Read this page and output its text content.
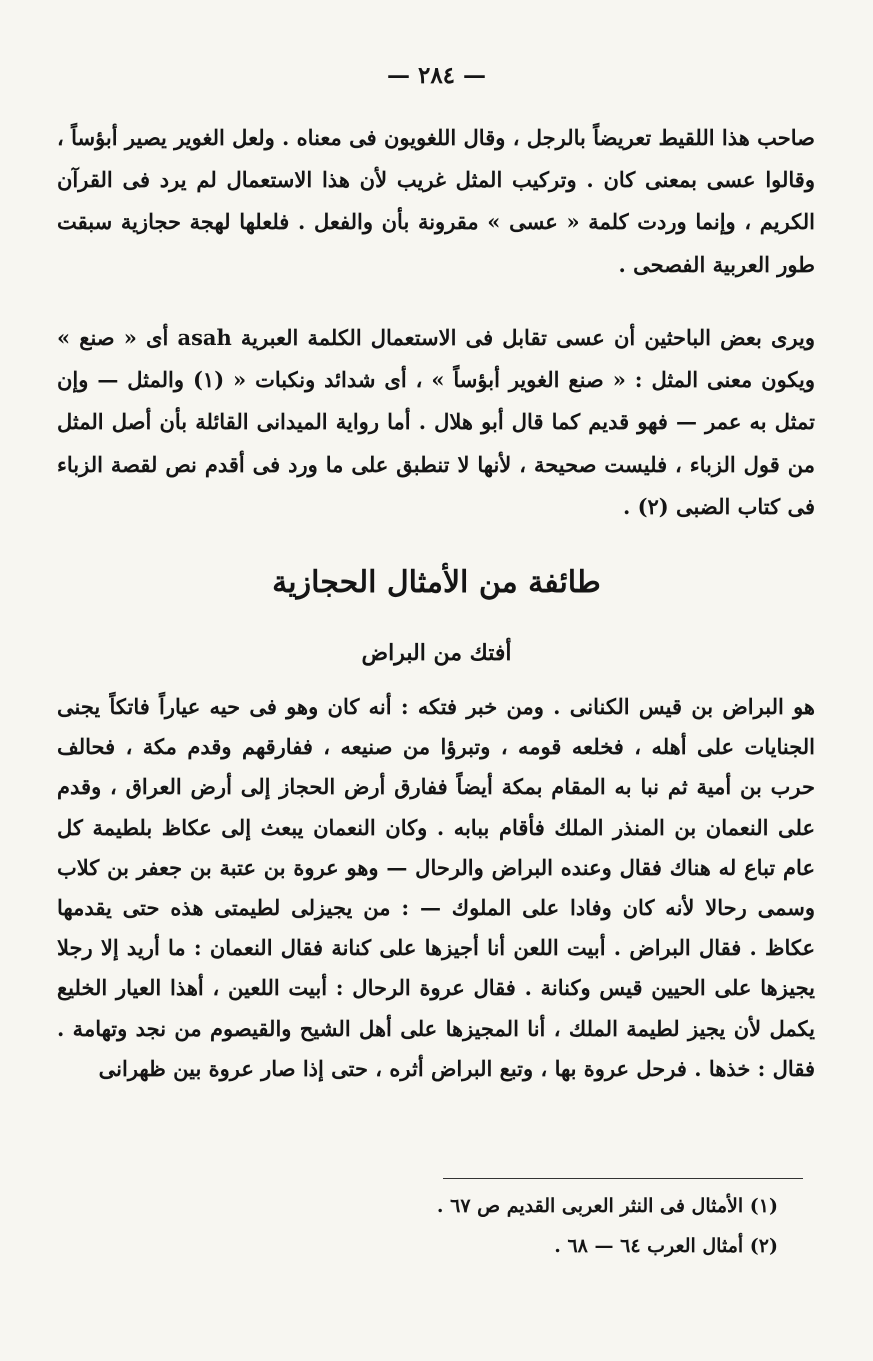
— ٢٨٤ —

صاحب هذا اللقيط تعريضاً بالرجل ، وقال اللغويون فى معناه . ولعل الغوير يصير أبؤساً ، وقالوا عسى بمعنى كان . وتركيب المثل غريب لأن هذا الاستعمال لم يرد فى القرآن الكريم ، وإنما وردت كلمة « عسى » مقرونة بأن والفعل . فلعلها لهجة حجازية سبقت طور العربية الفصحى .

ويرى بعض الباحثين أن عسى تقابل فى الاستعمال الكلمة العبرية asah أى « صنع » ويكون معنى المثل : « صنع الغوير أبؤساً » ، أى شدائد ونكبات « (١) والمثل — وإن تمثل به عمر — فهو قديم كما قال أبو هلال . أما رواية الميدانى القائلة بأن أصل المثل من قول الزباء ، فليست صحيحة ، لأنها لا تنطبق على ما ورد فى أقدم نص لقصة الزباء فى كتاب الضبى (٢) .

طائفة من الأمثال الحجازية
أفتك من البراض

هو البراض بن قيس الكنانى . ومن خبر فتكه : أنه كان وهو فى حيه عياراً فاتكاً يجنى الجنايات على أهله ، فخلعه قومه ، وتبرؤا من صنيعه ، ففارقهم وقدم مكة ، فحالف حرب بن أمية ثم نبا به المقام بمكة أيضاً ففارق أرض الحجاز إلى أرض العراق ، وقدم على النعمان بن المنذر الملك فأقام ببابه . وكان النعمان يبعث إلى عكاظ بلطيمة كل عام تباع له هناك فقال وعنده البراض والرحال — وهو عروة بن عتبة بن جعفر بن كلاب وسمى رحالا لأنه كان وفادا على الملوك — : من يجيزلى لطيمتى هذه حتى يقدمها عكاظ . فقال البراض . أبيت اللعن أنا أجيزها على كنانة فقال النعمان : ما أريد إلا رجلا يجيزها على الحيين قيس وكنانة . فقال عروة الرحال : أبيت اللعين ، أهذا العيار الخليع يكمل لأن يجيز لطيمة الملك ، أنا المجيزها على أهل الشيح والقيصوم من نجد وتهامة . فقال : خذها . فرحل عروة بها ، وتبع البراض أثره ، حتى إذا صار عروة بين ظهرانى

(١) الأمثال فى النثر العربى القديم ص ٦٧ .
(٢) أمثال العرب ٦٤ — ٦٨ .
